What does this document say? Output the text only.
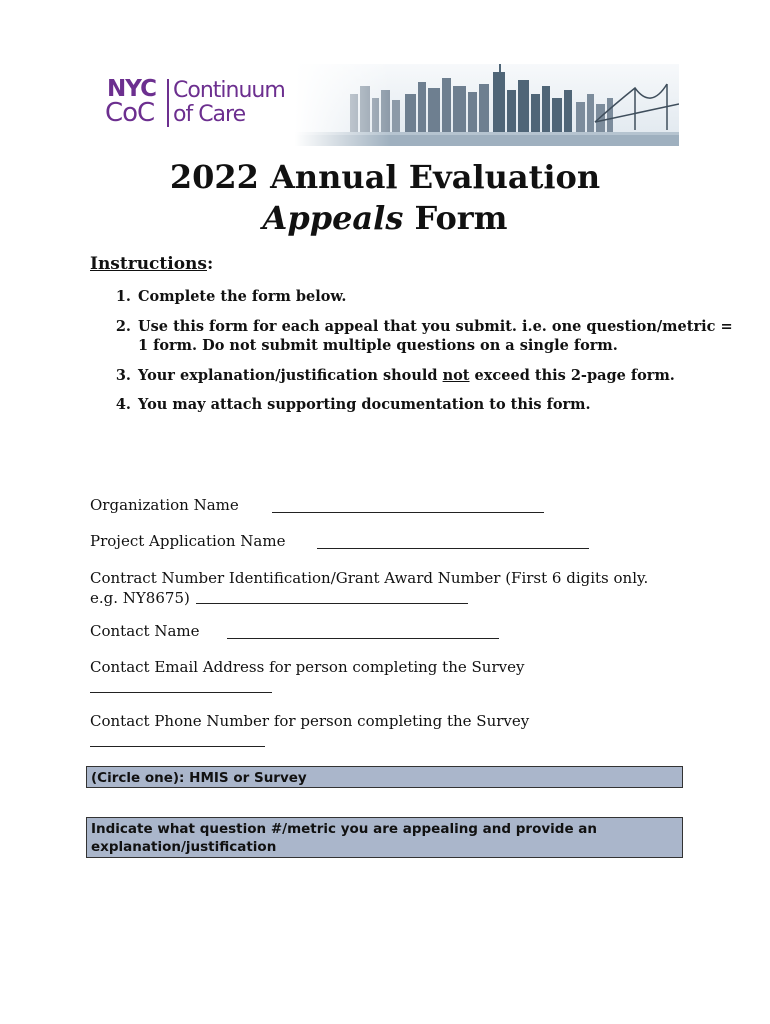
NYC
CoC
Continuum
of Care
2022 Annual Evaluation
Appeals Form
Instructions:
1. Complete the form below.
2. Use this form for each appeal that you submit. i.e. one question/metric = 1 form. Do not submit multiple questions on a single form.
3. Your explanation/justification should not exceed this 2-page form.
4. You may attach supporting documentation to this form.
Organization Name
Project Application Name
Contract Number Identification/Grant Award Number (First 6 digits only. e.g. NY8675)
Contact Name
Contact Email Address for person completing the Survey
Contact Phone Number for person completing the Survey
(Circle one): HMIS or Survey
Indicate what question #/metric you are appealing and provide an explanation/justification
